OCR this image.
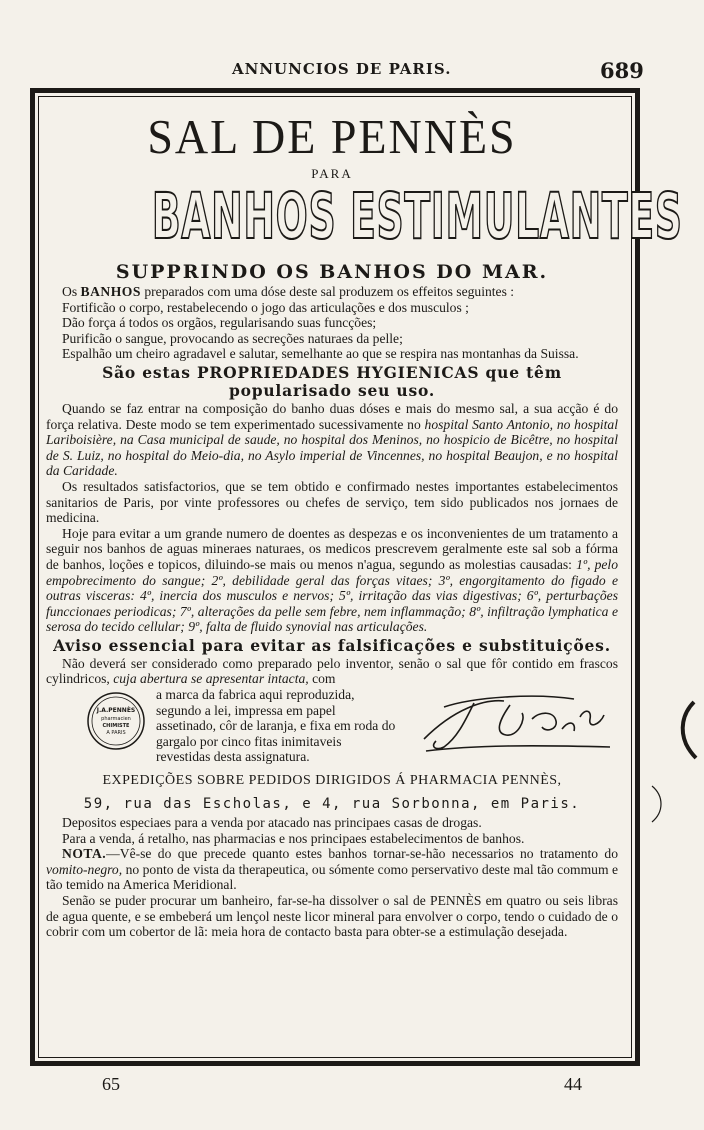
ANNUNCIOS DE PARIS.	689
SAL DE PENNÈS
PARA
BANHOS ESTIMULANTES
SUPPRINDO OS BANHOS DO MAR.

Os BANHOS preparados com uma dóse deste sal produzem os effeitos seguintes :

Fortificão o corpo, restabelecendo o jogo das articulações e dos musculos ;

Dão força á todos os orgãos, regularisando suas funcções;

Purificão o sangue, provocando as secreções naturaes da pelle;

Espalhão um cheiro agradavel e salutar, semelhante ao que se respira nas montanhas da Suissa.

São estas PROPRIEDADES HYGIENICAS que têm popularisado seu uso.

Quando se faz entrar na composição do banho duas dóses e mais do mesmo sal, a sua acção é do força relativa. Deste modo se tem experimentado sucessivamente no hospital Santo Antonio, no hospital Lariboisière, na Casa municipal de saude, no hospital dos Meninos, no hospicio de Bicêtre, no hospital de S. Luiz, no hospital do Meio-dia, no Asylo imperial de Vincennes, no hospital Beaujon, e no hospital da Caridade.

Os resultados satisfactorios, que se tem obtido e confirmado nestes importantes estabelecimentos sanitarios de Paris, por vinte professores ou chefes de serviço, tem sido publicados nos jornaes de medicina.

Hoje para evitar a um grande numero de doentes as despezas e os inconvenientes de um tratamento a seguir nos banhos de aguas mineraes naturaes, os medicos prescrevem geralmente este sal sob a fórma de banhos, loções e topicos, diluindo-se mais ou menos n'agua, segundo as molestias causadas: 1º, pelo empobrecimento do sangue; 2º, debilidade geral das forças vitaes; 3º, engorgitamento do figado e outras visceras: 4º, inercia dos musculos e nervos; 5º, irritação das vias digestivas; 6º, perturbações funccionaes periodicas; 7º, alterações da pelle sem febre, nem inflammação; 8º, infiltração lymphatica e serosa do tecido cellular; 9º, falta de fluido synovial nas articulações.

Aviso essencial para evitar as falsificações e substituições.

Não deverá ser considerado como preparado pelo inventor, senão o sal que fôr contido em frascos cylindricos, cuja abertura se apresentar intacta, com

J.A.PENNÈS
pharmacien
CHIMISTE
A PARIS
a marca da fabrica aqui reproduzida, segundo a lei, impressa em papel assetinado, côr de laranja, e fixa em roda do gargalo por cinco fitas inimitaveis revestidas desta assignatura.
EXPEDIÇÕES SOBRE PEDIDOS DIRIGIDOS Á PHARMACIA PENNÈS,
59, rua das Escholas, e 4, rua Sorbonna, em Paris.

Depositos especiaes para a venda por atacado nas principaes casas de drogas.

Para a venda, á retalho, nas pharmacias e nos principaes estabelecimentos de banhos.

NOTA.—Vê-se do que precede quanto estes banhos tornar-se-hão necessarios no tratamento do vomito-negro, no ponto de vista da therapeutica, ou sómente como perservativo deste mal tão commum e tão temido na America Meridional.

Senão se puder procurar um banheiro, far-se-ha dissolver o sal de PENNÈS em quatro ou seis libras de agua quente, e se embeberá um lençol neste licor mineral para envolver o corpo, tendo o cuidado de o cobrir com um cobertor de lã: meia hora de contacto basta para obter-se a estimulação desejada.

65	44
